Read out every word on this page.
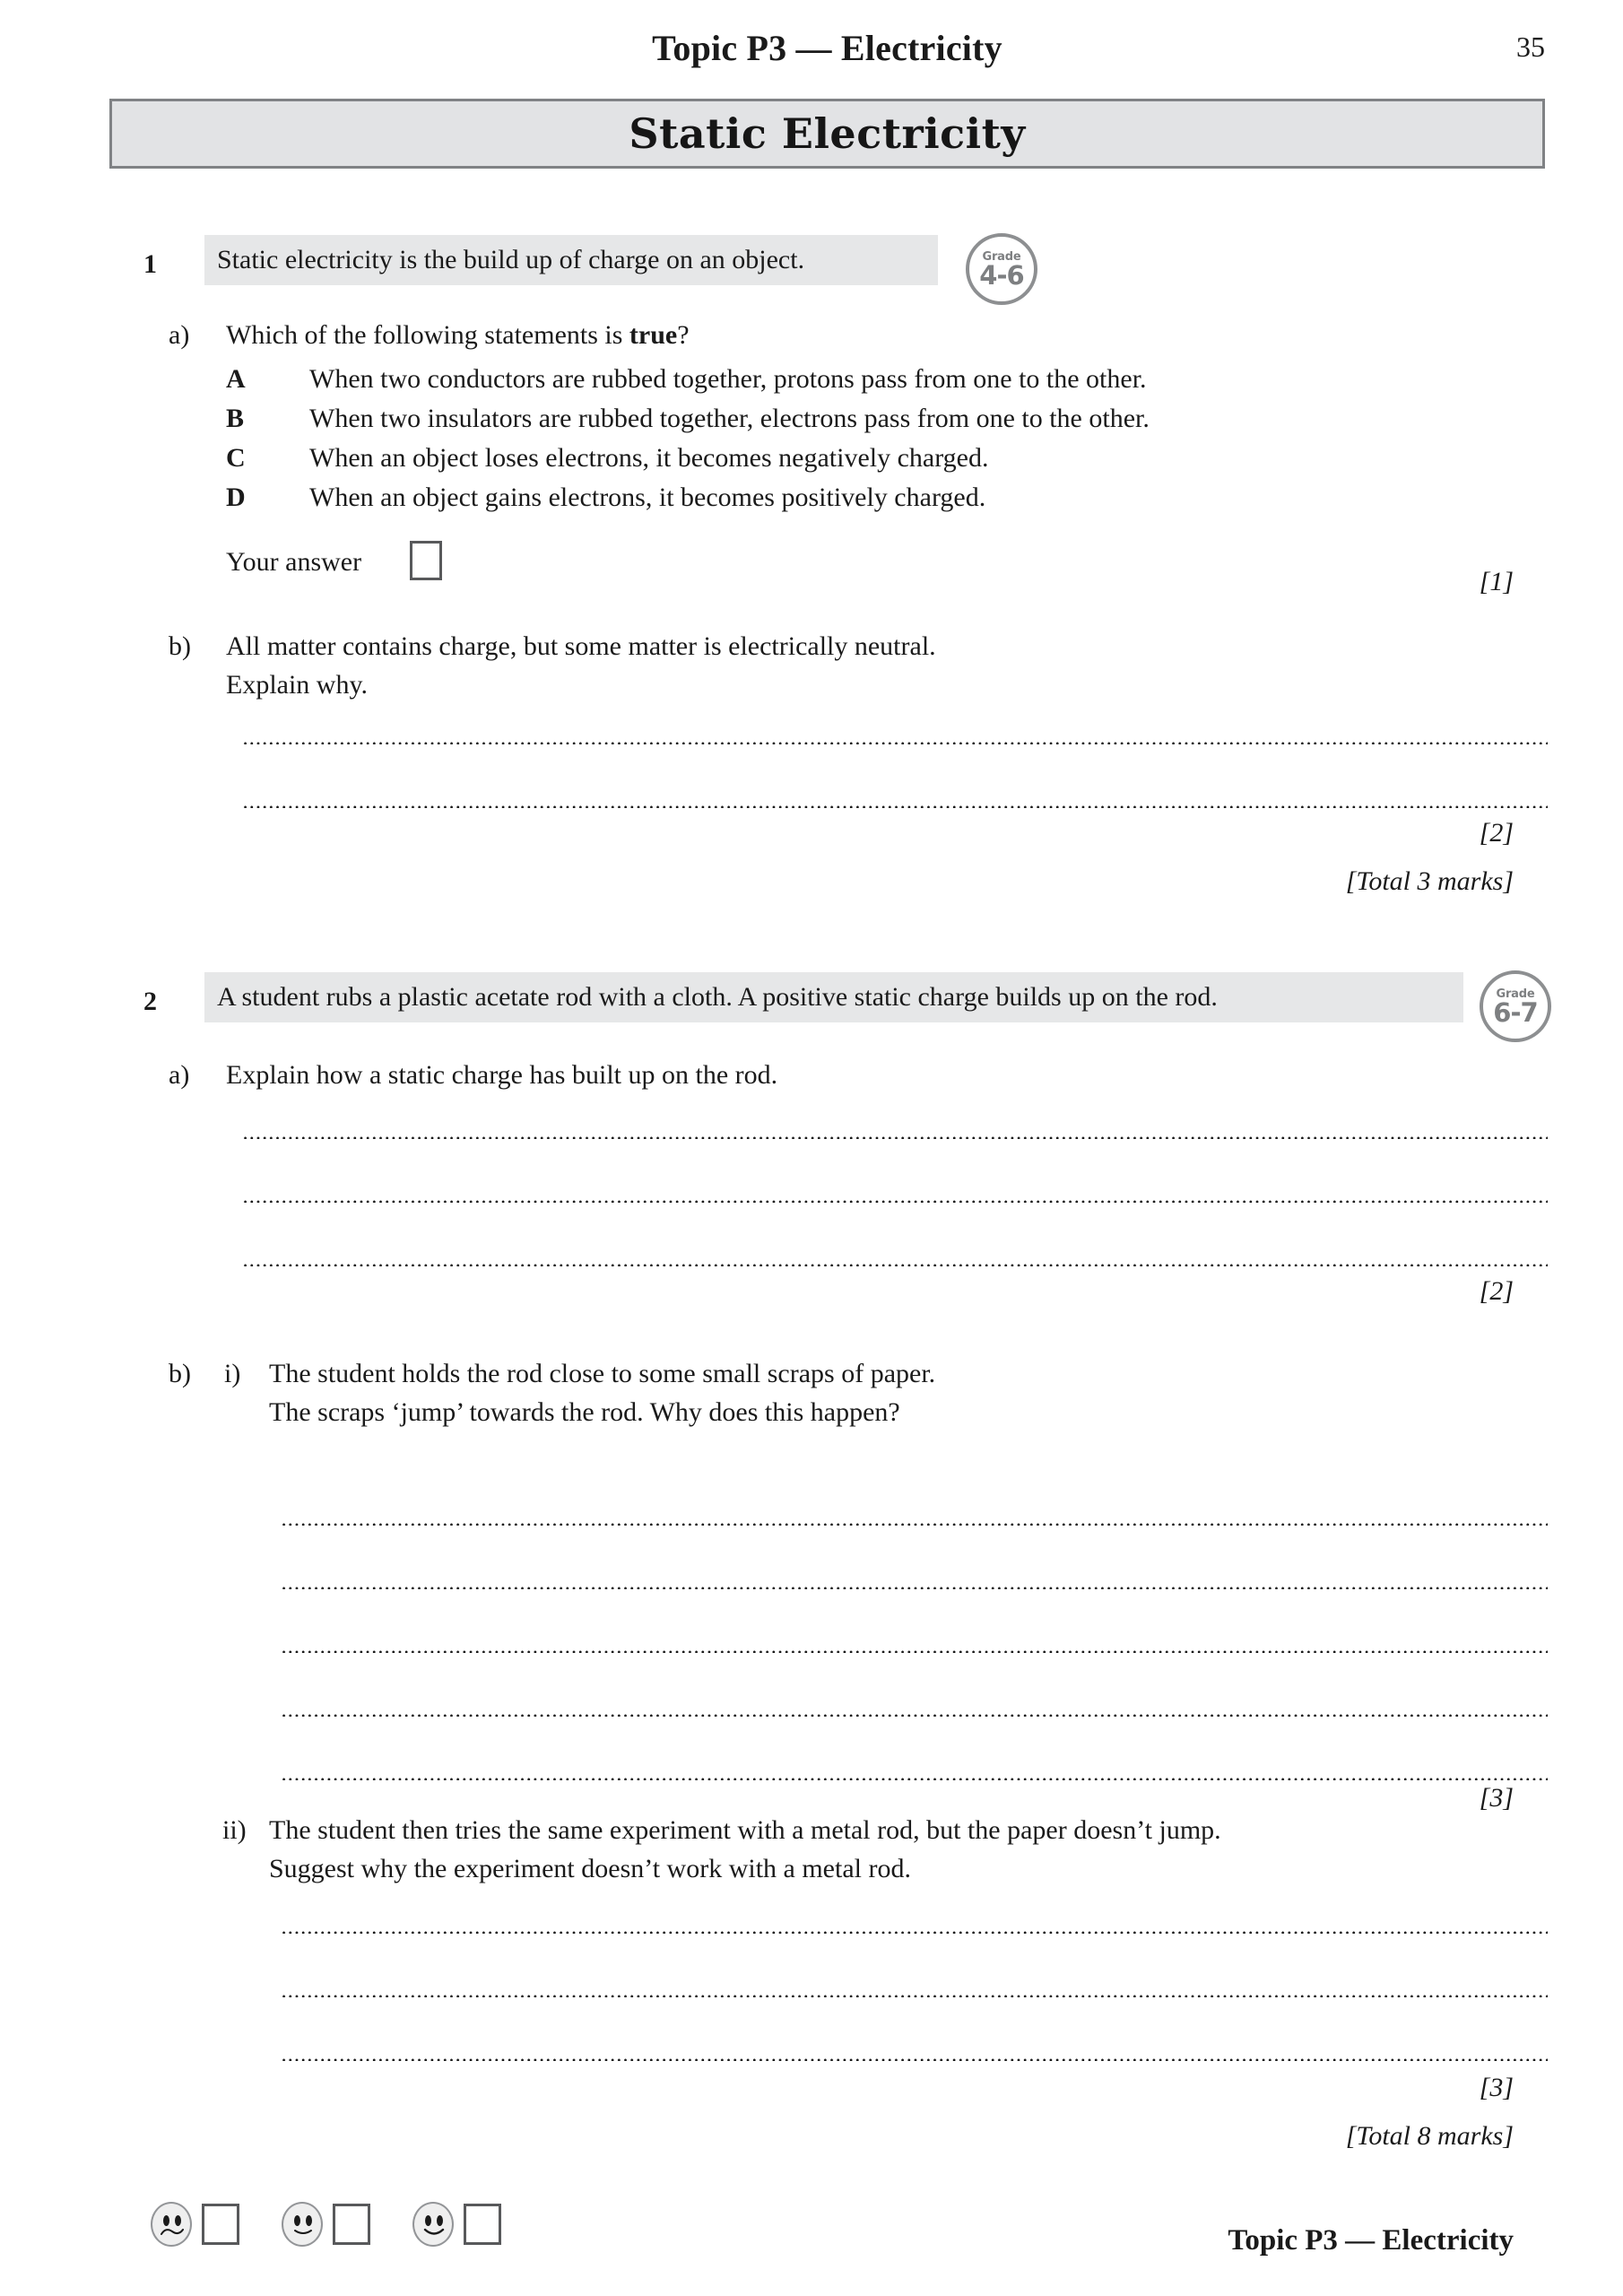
Topic P3 — Electricity	35
Static Electricity
1 Static electricity is the build up of charge on an object.	Grade
4-6
a) Which of the following statements is true?
A When two conductors are rubbed together, protons pass from one to the other.
B When two insulators are rubbed together, electrons pass from one to the other.
C When an object loses electrons, it becomes negatively charged.
D When an object gains electrons, it becomes positively charged.
Your answer
[1]
b) All matter contains charge, but some matter is electrically neutral.
Explain why.
[2]
[Total 3 marks]
2 A student rubs a plastic acetate rod with a cloth. A positive static charge builds up on the rod.	Grade
6-7
a) Explain how a static charge has built up on the rod.
[2]
b) i) The student holds the rod close to some small scraps of paper.
The scraps ‘jump’ towards the rod. Why does this happen?
[3]
ii) The student then tries the same experiment with a metal rod, but the paper doesn’t jump.
Suggest why the experiment doesn’t work with a metal rod.
[3]
[Total 8 marks]
Topic P3 — Electricity
